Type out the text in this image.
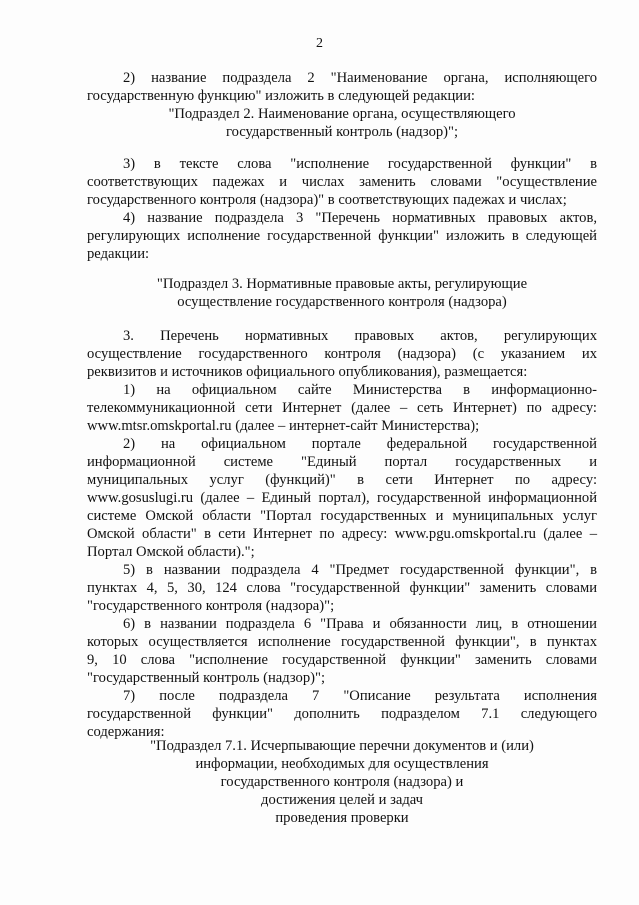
2
2) название подраздела 2 "Наименование органа, исполняющего
государственную функцию" изложить в следующей редакции:
"Подраздел 2. Наименование органа, осуществляющего
государственный контроль (надзор)";
3) в тексте слова "исполнение государственной функции" в
соответствующих падежах и числах заменить словами "осуществление
государственного контроля (надзора)" в соответствующих падежах и числах;
4) название подраздела 3 "Перечень нормативных правовых актов,
регулирующих исполнение государственной функции" изложить в следующей
редакции:
"Подраздел 3. Нормативные правовые акты, регулирующие
осуществление государственного контроля (надзора)
3. Перечень нормативных правовых актов, регулирующих
осуществление государственного контроля (надзора) (с указанием их
реквизитов и источников официального опубликования), размещается:
1) на официальном сайте Министерства в информационно-
телекоммуникационной сети Интернет (далее – сеть Интернет) по адресу:
www.mtsr.omskportal.ru (далее – интернет-сайт Министерства);
2) на официальном портале федеральной государственной
информационной системе "Единый портал государственных и
муниципальных услуг (функций)" в сети Интернет по адресу:
www.gosuslugi.ru (далее – Единый портал), государственной информационной
системе Омской области "Портал государственных и муниципальных услуг
Омской области" в сети Интернет по адресу: www.pgu.omskportal.ru (далее –
Портал Омской области).";
5) в названии подраздела 4 "Предмет государственной функции", в
пунктах 4, 5, 30, 124 слова "государственной функции" заменить словами
"государственного контроля (надзора)";
6) в названии подраздела 6 "Права и обязанности лиц, в отношении
которых осуществляется исполнение государственной функции", в пунктах
9, 10 слова "исполнение государственной функции" заменить словами
"государственный контроль (надзор)";
7) после подраздела 7 "Описание результата исполнения
государственной функции" дополнить подразделом 7.1 следующего
содержания:
"Подраздел 7.1. Исчерпывающие перечни документов и (или)
информации, необходимых для осуществления
государственного контроля (надзора) и
достижения целей и задач
проведения проверки
